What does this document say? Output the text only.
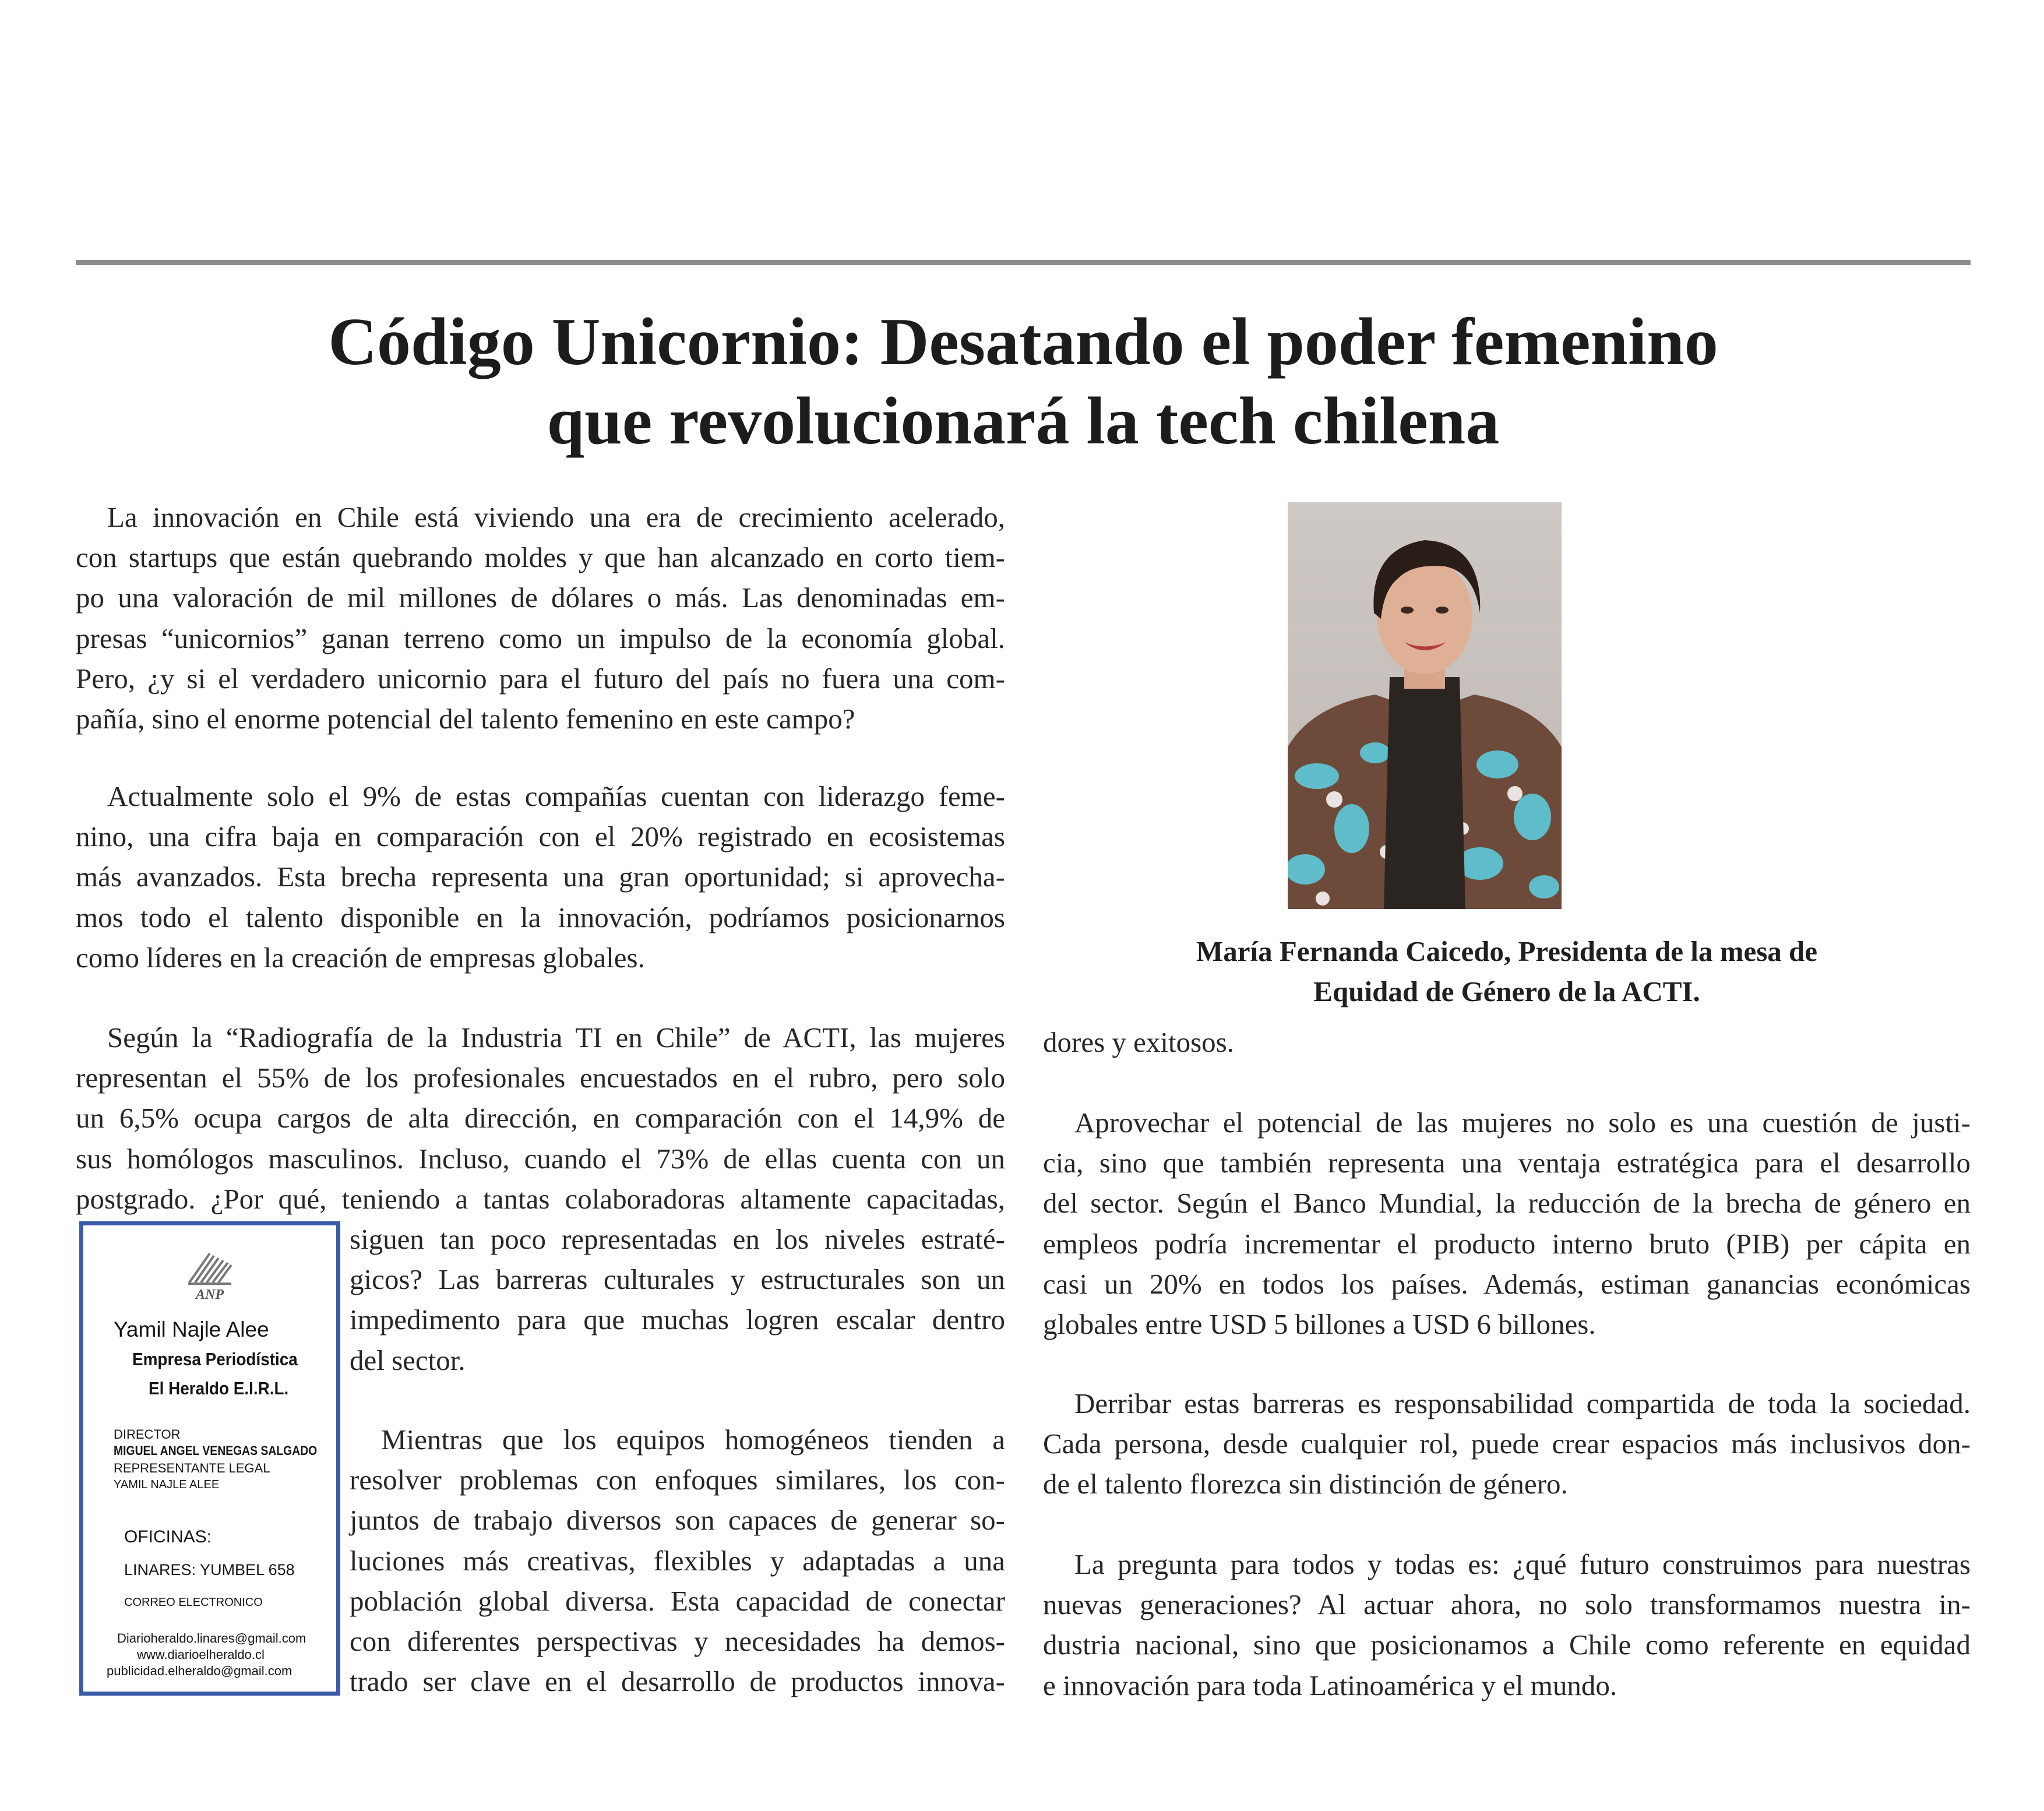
Código Unicornio: Desatando el poder femenino
que revolucionará la tech chilena
La innovación en Chile está viviendo una era de crecimiento acelerado,
con startups que están quebrando moldes y que han alcanzado en corto tiem-
po una valoración de mil millones de dólares o más. Las denominadas em-
presas “unicornios” ganan terreno como un impulso de la economía global.
Pero, ¿y si el verdadero unicornio para el futuro del país no fuera una com-
pañía, sino el enorme potencial del talento femenino en este campo?
Actualmente solo el 9% de estas compañías cuentan con liderazgo feme-
nino, una cifra baja en comparación con el 20% registrado en ecosistemas
más avanzados. Esta brecha representa una gran oportunidad; si aprovecha-
mos todo el talento disponible en la innovación, podríamos posicionarnos
como líderes en la creación de empresas globales.
Según la “Radiografía de la Industria TI en Chile” de ACTI, las mujeres
representan el 55% de los profesionales encuestados en el rubro, pero solo
un 6,5% ocupa cargos de alta dirección, en comparación con el 14,9% de
sus homólogos masculinos. Incluso, cuando el 73% de ellas cuenta con un
postgrado. ¿Por qué, teniendo a tantas colaboradoras altamente capacitadas,
siguen tan poco representadas en los niveles estraté-
gicos? Las barreras culturales y estructurales son un
impedimento para que muchas logren escalar dentro
del sector.
Mientras que los equipos homogéneos tienden a
resolver problemas con enfoques similares, los con-
juntos de trabajo diversos son capaces de generar so-
luciones más creativas, flexibles y adaptadas a una
población global diversa. Esta capacidad de conectar
con diferentes perspectivas y necesidades ha demos-
trado ser clave en el desarrollo de productos innova-
María Fernanda Caicedo, Presidenta de la mesa de
Equidad de Género de la ACTI.
dores y exitosos.
Aprovechar el potencial de las mujeres no solo es una cuestión de justi-
cia, sino que también representa una ventaja estratégica para el desarrollo
del sector. Según el Banco Mundial, la reducción de la brecha de género en
empleos podría incrementar el producto interno bruto (PIB) per cápita en
casi un 20% en todos los países. Además, estiman ganancias económicas
globales entre USD 5 billones a USD 6 billones.
Derribar estas barreras es responsabilidad compartida de toda la sociedad.
Cada persona, desde cualquier rol, puede crear espacios más inclusivos don-
de el talento florezca sin distinción de género.
La pregunta para todos y todas es: ¿qué futuro construimos para nuestras
nuevas generaciones? Al actuar ahora, no solo transformamos nuestra in-
dustria nacional, sino que posicionamos a Chile como referente en equidad
e innovación para toda Latinoamérica y el mundo.
ANP

Yamil Najle Alee

Empresa Periodística

El Heraldo E.I.R.L.

DIRECTOR

MIGUEL ANGEL VENEGAS SALGADO

REPRESENTANTE LEGAL

YAMIL NAJLE ALEE

OFICINAS:

LINARES: YUMBEL 658

CORREO ELECTRONICO

Diarioheraldo.linares@gmail.com

www.diarioelheraldo.cl

publicidad.elheraldo@gmail.com
